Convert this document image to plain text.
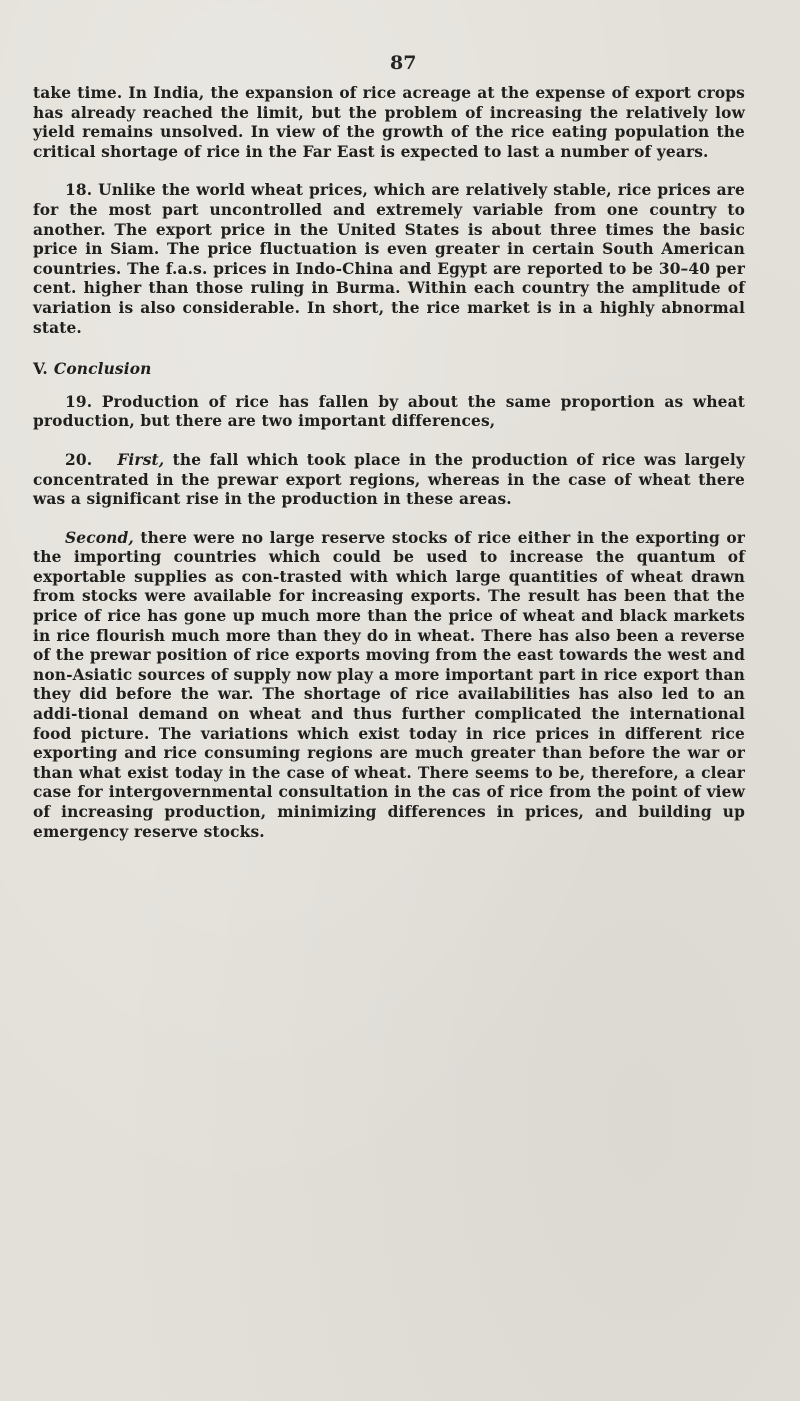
87

take time. In India, the expansion of rice acreage at the expense of export crops has already reached the limit, but the problem of increasing the relatively low yield remains unsolved. In view of the growth of the rice eating population the critical shortage of rice in the Far East is expected to last a number of years.

18. Unlike the world wheat prices, which are relatively stable, rice prices are for the most part uncontrolled and extremely variable from one country to another. The export price in the United States is about three times the basic price in Siam. The price fluctuation is even greater in certain South American countries. The f.a.s. prices in Indo-China and Egypt are reported to be 30–40 per cent. higher than those ruling in Burma. Within each country the amplitude of variation is also considerable. In short, the rice market is in a highly abnormal state.

V. Conclusion

19. Production of rice has fallen by about the same proportion as wheat production, but there are two important differences,

20. First, the fall which took place in the production of rice was largely concentrated in the prewar export regions, whereas in the case of wheat there was a significant rise in the production in these areas.

Second, there were no large reserve stocks of rice either in the exporting or the importing countries which could be used to increase the quantum of exportable supplies as con-trasted with which large quantities of wheat drawn from stocks were available for increasing exports. The result has been that the price of rice has gone up much more than the price of wheat and black markets in rice flourish much more than they do in wheat. There has also been a reverse of the prewar position of rice exports moving from the east towards the west and non-Asiatic sources of supply now play a more important part in rice export than they did before the war. The shortage of rice availabilities has also led to an addi-tional demand on wheat and thus further complicated the international food picture. The variations which exist today in rice prices in different rice exporting and rice consuming regions are much greater than before the war or than what exist today in the case of wheat. There seems to be, therefore, a clear case for intergovernmental consultation in the cas of rice from the point of view of increasing production, minimizing differences in prices, and building up emergency reserve stocks.
